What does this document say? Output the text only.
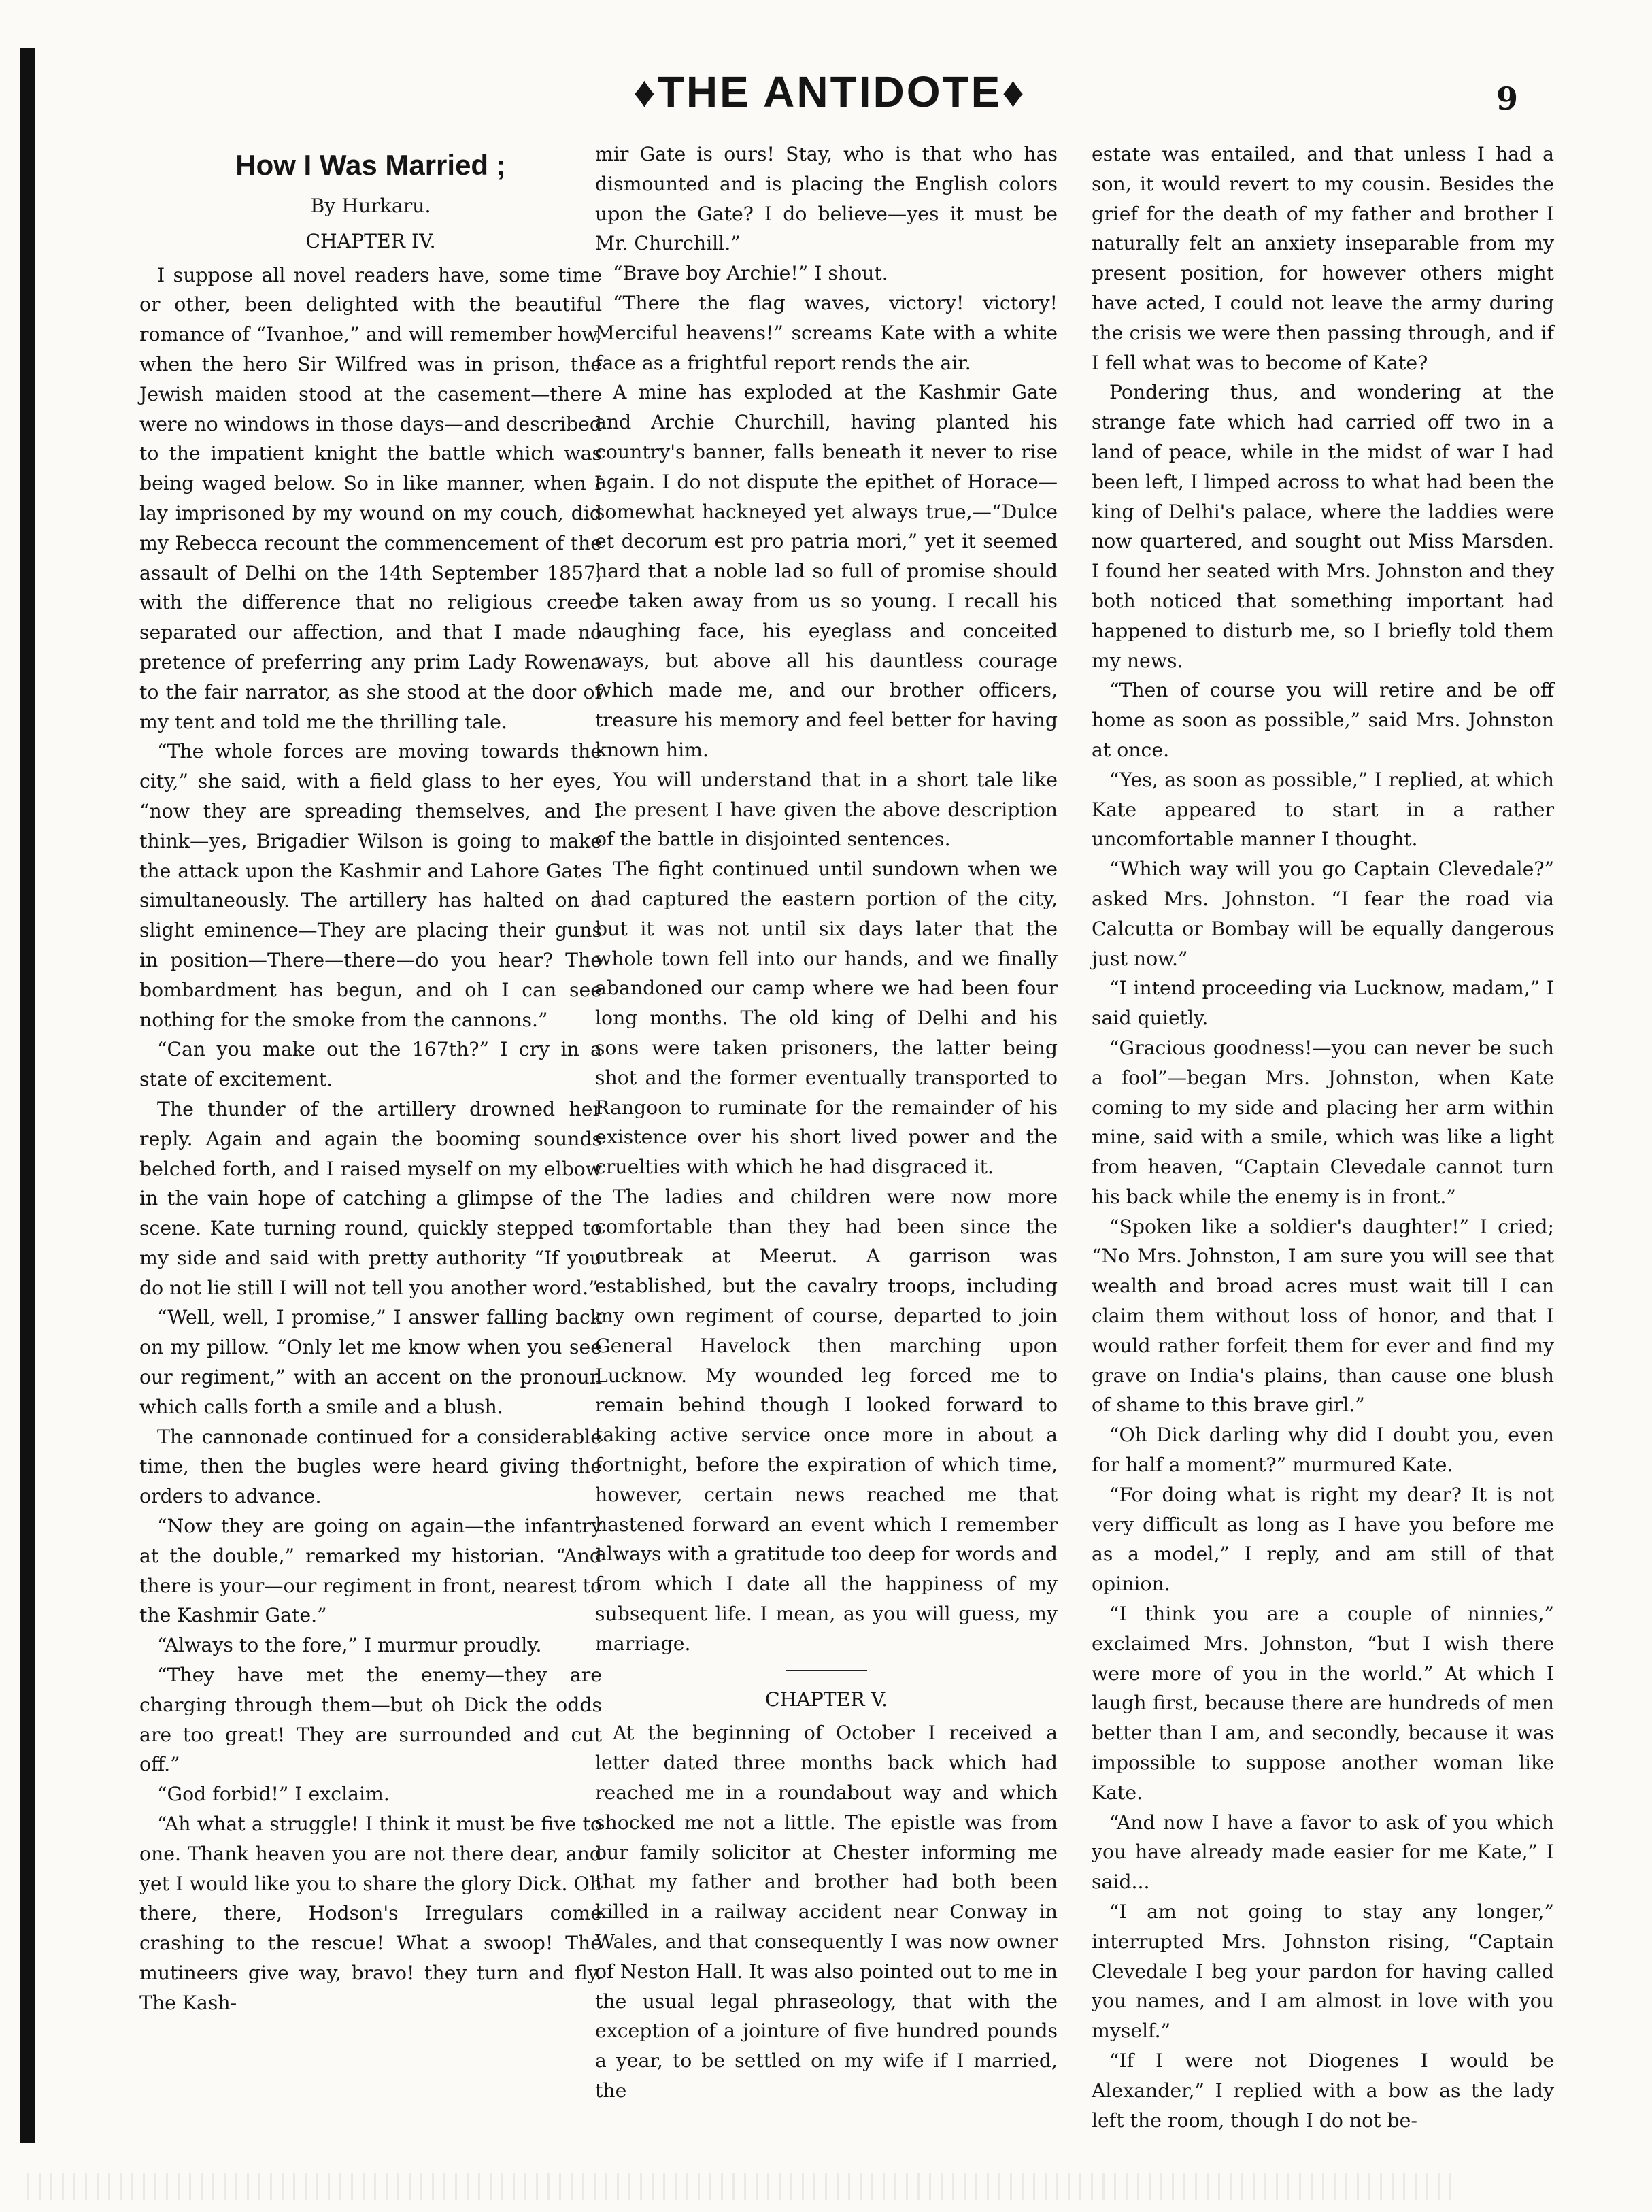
♦THE ANTIDOTE♦	9
How I Was Married ;
By Hurkaru.
CHAPTER IV.

I suppose all novel readers have, some time or other, been delighted with the beautiful romance of “Ivanhoe,” and will remember how, when the hero Sir Wilfred was in prison, the Jewish maiden stood at the casement—there were no windows in those days—and described to the impatient knight the battle which was being waged below. So in like manner, when I lay imprisoned by my wound on my couch, did my Rebecca recount the commencement of the assault of Delhi on the 14th September 1857, with the difference that no religious creed separated our affection, and that I made no pretence of preferring any prim Lady Rowena to the fair narrator, as she stood at the door of my tent and told me the thrilling tale.

“The whole forces are moving towards the city,” she said, with a field glass to her eyes, “now they are spreading themselves, and I think—yes, Brigadier Wilson is going to make the attack upon the Kashmir and Lahore Gates simultaneously. The artillery has halted on a slight eminence—They are placing their guns in position—There—there—do you hear? The bombardment has begun, and oh I can see nothing for the smoke from the cannons.”

“Can you make out the 167th?” I cry in a state of excitement.

The thunder of the artillery drowned her reply. Again and again the booming sounds belched forth, and I raised myself on my elbow in the vain hope of catching a glimpse of the scene. Kate turning round, quickly stepped to my side and said with pretty authority “If you do not lie still I will not tell you another word.”

“Well, well, I promise,” I answer falling back on my pillow. “Only let me know when you see our regiment,” with an accent on the pronoun which calls forth a smile and a blush.

The cannonade continued for a considerable time, then the bugles were heard giving the orders to advance.

“Now they are going on again—the infantry at the double,” remarked my historian. “And there is your—our regiment in front, nearest to the Kashmir Gate.”

“Always to the fore,” I murmur proudly.

“They have met the enemy—they are charging through them—but oh Dick the odds are too great! They are surrounded and cut off.”

“God forbid!” I exclaim.

“Ah what a struggle! I think it must be five to one. Thank heaven you are not there dear, and yet I would like you to share the glory Dick. Oh there, there, Hodson's Irregulars come crashing to the rescue! What a swoop! The mutineers give way, bravo! they turn and fly. The Kash-

mir Gate is ours! Stay, who is that who has dismounted and is placing the English colors upon the Gate? I do believe—yes it must be Mr. Churchill.”

“Brave boy Archie!” I shout.

“There the flag waves, victory! victory! Merciful heavens!” screams Kate with a white face as a frightful report rends the air.

A mine has exploded at the Kashmir Gate and Archie Churchill, having planted his country's banner, falls beneath it never to rise again. I do not dispute the epithet of Horace—somewhat hackneyed yet always true,—“Dulce et decorum est pro patria mori,” yet it seemed hard that a noble lad so full of promise should be taken away from us so young. I recall his laughing face, his eyeglass and conceited ways, but above all his dauntless courage which made me, and our brother officers, treasure his memory and feel better for having known him.

You will understand that in a short tale like the present I have given the above description of the battle in disjointed sentences.

The fight continued until sundown when we had captured the eastern portion of the city, but it was not until six days later that the whole town fell into our hands, and we finally abandoned our camp where we had been four long months. The old king of Delhi and his sons were taken prisoners, the latter being shot and the former eventually transported to Rangoon to ruminate for the remainder of his existence over his short lived power and the cruelties with which he had disgraced it.

The ladies and children were now more comfortable than they had been since the outbreak at Meerut. A garrison was established, but the cavalry troops, including my own regiment of course, departed to join General Havelock then marching upon Lucknow. My wounded leg forced me to remain behind though I looked forward to taking active service once more in about a fortnight, before the expiration of which time, however, certain news reached me that hastened forward an event which I remember always with a gratitude too deep for words and from which I date all the happiness of my subsequent life. I mean, as you will guess, my marriage.

CHAPTER V.

At the beginning of October I received a letter dated three months back which had reached me in a roundabout way and which shocked me not a little. The epistle was from our family solicitor at Chester informing me that my father and brother had both been killed in a railway accident near Conway in Wales, and that consequently I was now owner of Neston Hall. It was also pointed out to me in the usual legal phraseology, that with the exception of a jointure of five hundred pounds a year, to be settled on my wife if I married, the

estate was entailed, and that unless I had a son, it would revert to my cousin. Besides the grief for the death of my father and brother I naturally felt an anxiety inseparable from my present position, for however others might have acted, I could not leave the army during the crisis we were then passing through, and if I fell what was to become of Kate?

Pondering thus, and wondering at the strange fate which had carried off two in a land of peace, while in the midst of war I had been left, I limped across to what had been the king of Delhi's palace, where the laddies were now quartered, and sought out Miss Marsden. I found her seated with Mrs. Johnston and they both noticed that something important had happened to disturb me, so I briefly told them my news.

“Then of course you will retire and be off home as soon as possible,” said Mrs. Johnston at once.

“Yes, as soon as possible,” I replied, at which Kate appeared to start in a rather uncomfortable manner I thought.

“Which way will you go Captain Clevedale?” asked Mrs. Johnston. “I fear the road via Calcutta or Bombay will be equally dangerous just now.”

“I intend proceeding via Lucknow, madam,” I said quietly.

“Gracious goodness!—you can never be such a fool”—began Mrs. Johnston, when Kate coming to my side and placing her arm within mine, said with a smile, which was like a light from heaven, “Captain Clevedale cannot turn his back while the enemy is in front.”

“Spoken like a soldier's daughter!” I cried; “No Mrs. Johnston, I am sure you will see that wealth and broad acres must wait till I can claim them without loss of honor, and that I would rather forfeit them for ever and find my grave on India's plains, than cause one blush of shame to this brave girl.”

“Oh Dick darling why did I doubt you, even for half a moment?” murmured Kate.

“For doing what is right my dear? It is not very difficult as long as I have you before me as a model,” I reply, and am still of that opinion.

“I think you are a couple of ninnies,” exclaimed Mrs. Johnston, “but I wish there were more of you in the world.” At which I laugh first, because there are hundreds of men better than I am, and secondly, because it was impossible to suppose another woman like Kate.

“And now I have a favor to ask of you which you have already made easier for me Kate,” I said...

“I am not going to stay any longer,” interrupted Mrs. Johnston rising, “Captain Clevedale I beg your pardon for having called you names, and I am almost in love with you myself.”

“If I were not Diogenes I would be Alexander,” I replied with a bow as the lady left the room, though I do not be-
